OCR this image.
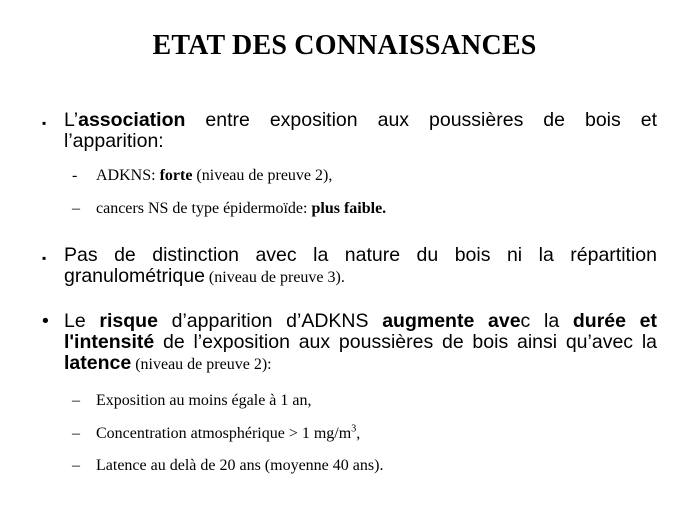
ETAT DES CONNAISSANCES
▪ L’association entre exposition aux poussières de bois et l’apparition:
- ADKNS: forte (niveau de preuve 2),
– cancers NS de type épidermoïde: plus faible.
▪ Pas de distinction avec la nature du bois ni la répartition granulométrique (niveau de preuve 3).
• Le risque d’apparition d’ADKNS augmente avec la durée et l'intensité de l’exposition aux poussières de bois ainsi qu’avec la latence (niveau de preuve 2):
– Exposition au moins égale à 1 an,
– Concentration atmosphérique > 1 $mg/m^3$,
– Latence au delà de 20 ans (moyenne 40 ans).
